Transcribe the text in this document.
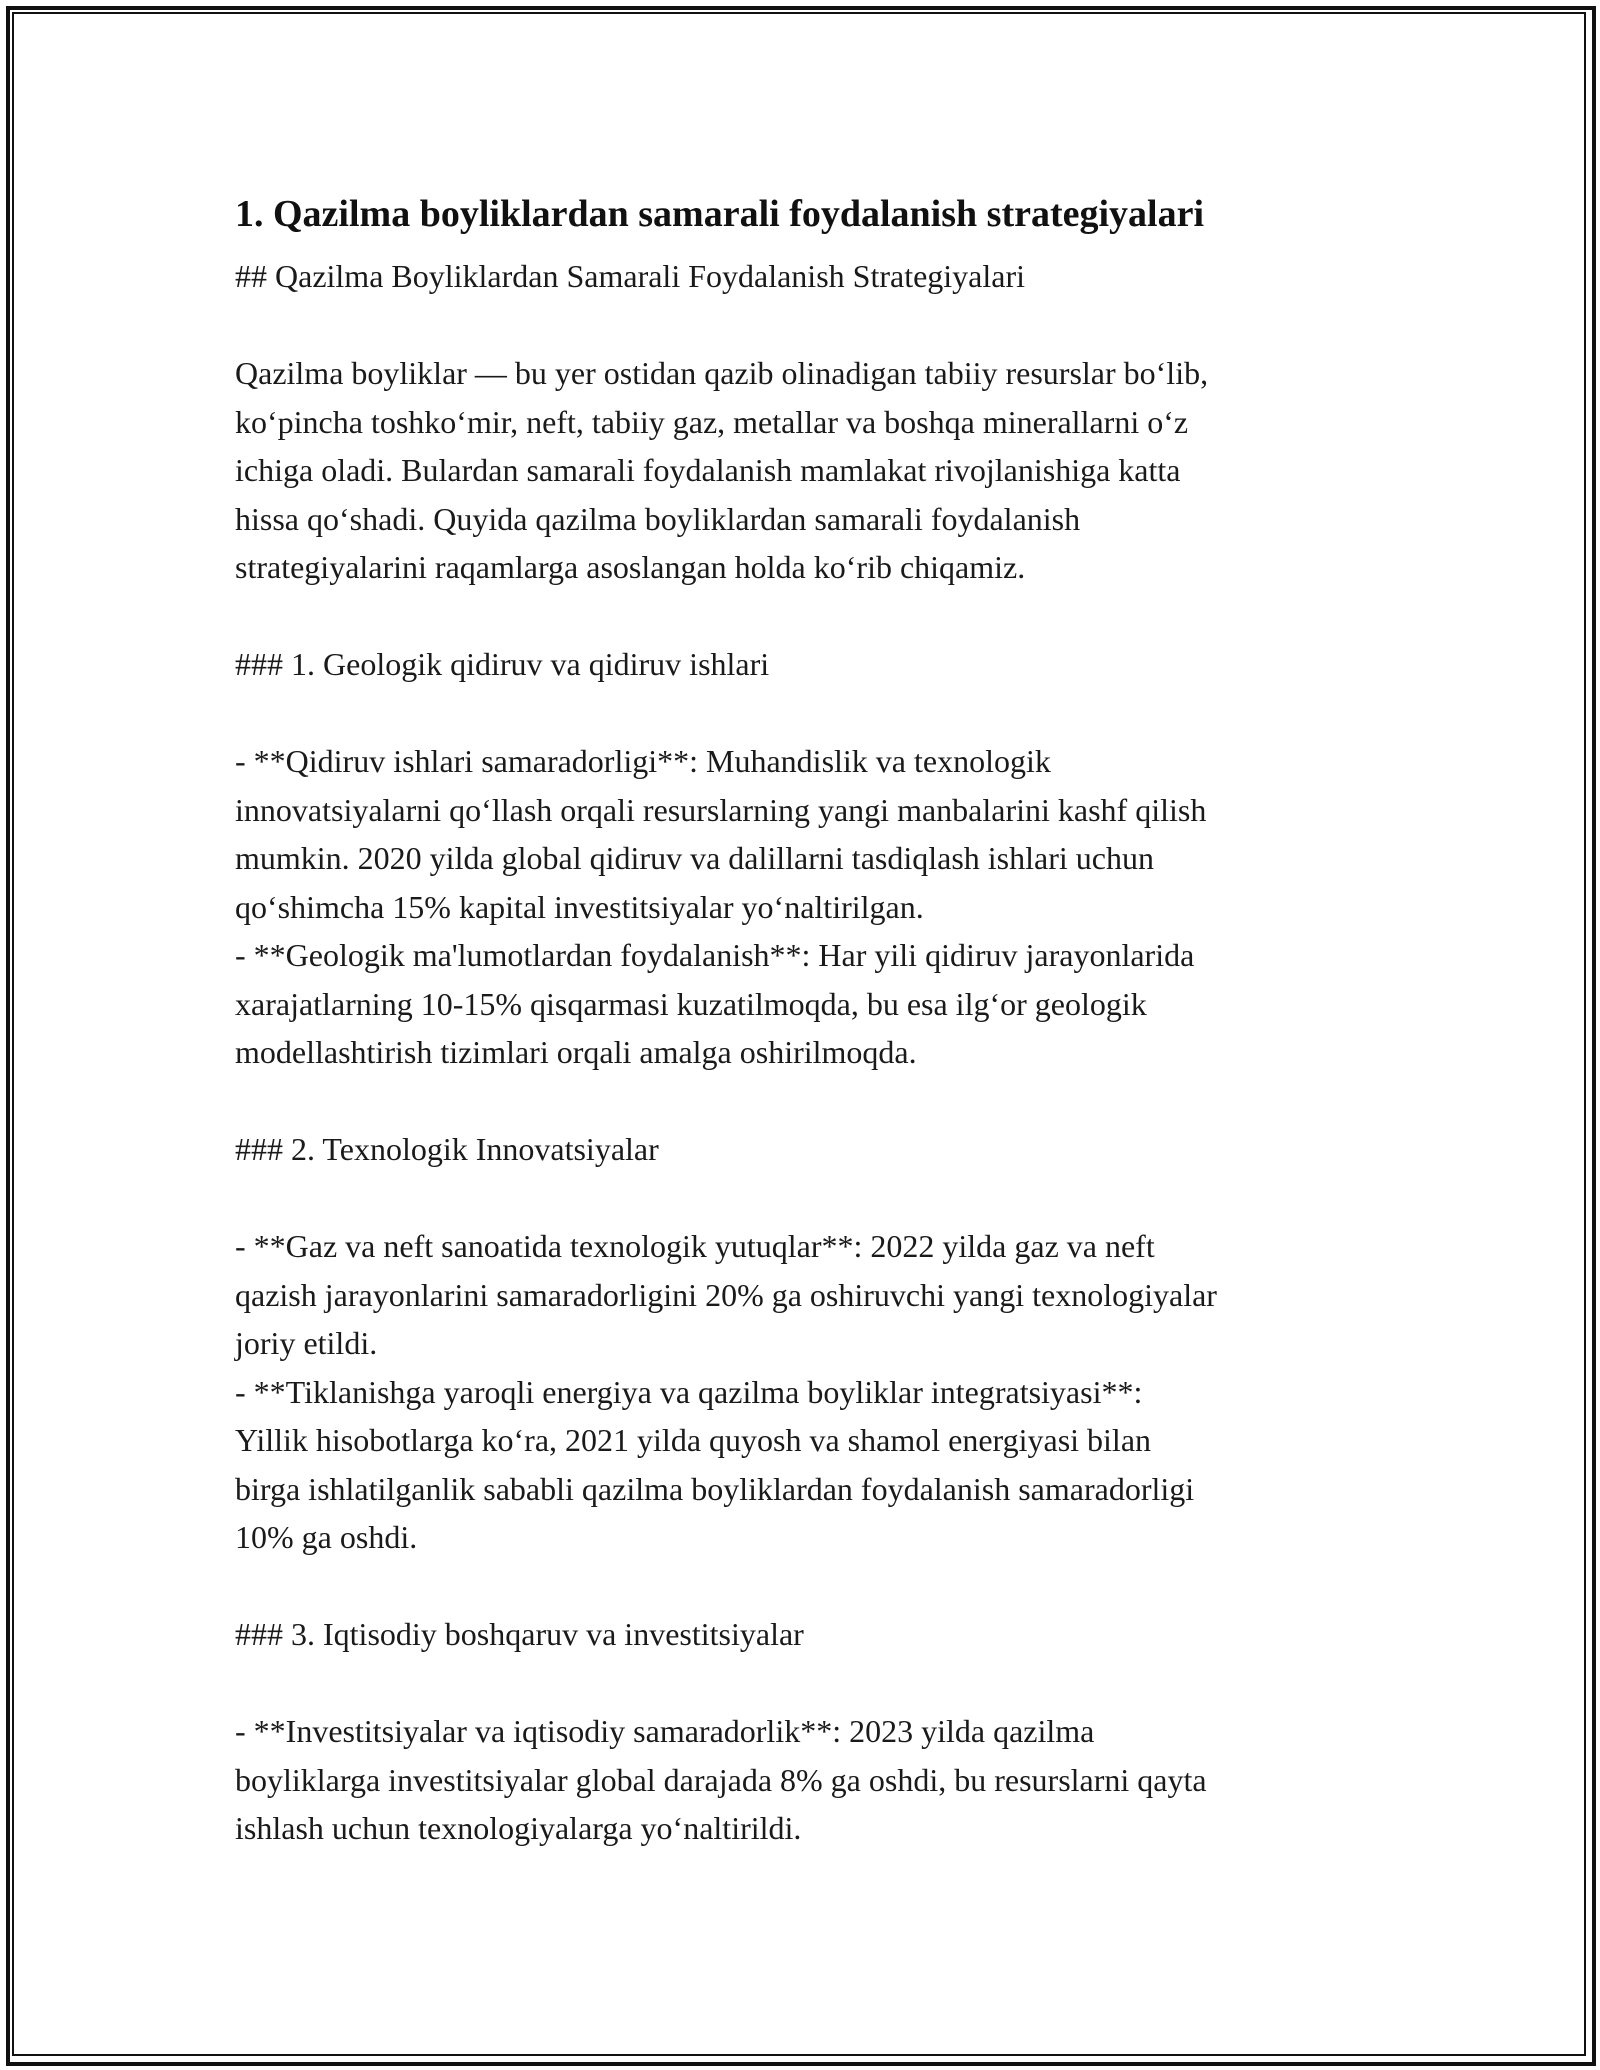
1. Qazilma boyliklardan samarali foydalanish strategiyalari

## Qazilma Boyliklardan Samarali Foydalanish Strategiyalari

Qazilma boyliklar — bu yer ostidan qazib olinadigan tabiiy resurslar bo‘lib,

ko‘pincha toshko‘mir, neft, tabiiy gaz, metallar va boshqa minerallarni o‘z

ichiga oladi. Bulardan samarali foydalanish mamlakat rivojlanishiga katta

hissa qo‘shadi. Quyida qazilma boyliklardan samarali foydalanish

strategiyalarini raqamlarga asoslangan holda ko‘rib chiqamiz.

### 1. Geologik qidiruv va qidiruv ishlari

- **Qidiruv ishlari samaradorligi**: Muhandislik va texnologik

innovatsiyalarni qo‘llash orqali resurslarning yangi manbalarini kashf qilish

mumkin. 2020 yilda global qidiruv va dalillarni tasdiqlash ishlari uchun

qo‘shimcha 15% kapital investitsiyalar yo‘naltirilgan.

- **Geologik ma'lumotlardan foydalanish**: Har yili qidiruv jarayonlarida

xarajatlarning 10-15% qisqarmasi kuzatilmoqda, bu esa ilg‘or geologik

modellashtirish tizimlari orqali amalga oshirilmoqda.

### 2. Texnologik Innovatsiyalar

- **Gaz va neft sanoatida texnologik yutuqlar**: 2022 yilda gaz va neft

qazish jarayonlarini samaradorligini 20% ga oshiruvchi yangi texnologiyalar

joriy etildi.

- **Tiklanishga yaroqli energiya va qazilma boyliklar integratsiyasi**:

Yillik hisobotlarga ko‘ra, 2021 yilda quyosh va shamol energiyasi bilan

birga ishlatilganlik sababli qazilma boyliklardan foydalanish samaradorligi

10% ga oshdi.

### 3. Iqtisodiy boshqaruv va investitsiyalar

- **Investitsiyalar va iqtisodiy samaradorlik**: 2023 yilda qazilma

boyliklarga investitsiyalar global darajada 8% ga oshdi, bu resurslarni qayta

ishlash uchun texnologiyalarga yo‘naltirildi.
